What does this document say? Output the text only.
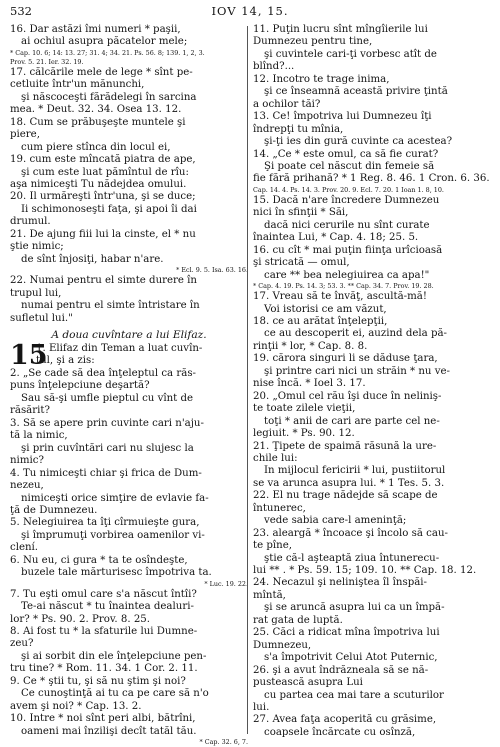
532	IOV 14, 15.
16. Dar astăzi îmi numeri * paşii,
ai ochiul asupra păcatelor mele;
* Cap. 10. 6; 14: 13. 27; 31. 4; 34. 21. Ps. 56. 8; 139. 1, 2, 3.
Prov. 5. 21. Ier. 32. 19.
17. călcările mele de lege * sînt pe-
cetluite într'un mănunchi,
şi născoceşti fărădelegi în sarcina
mea. * Deut. 32. 34. Osea 13. 12.
18. Cum se prăbuşeşte muntele şi
piere,
cum piere stînca din locul ei,
19. cum este mîncată piatra de ape,
şi cum este luat pămîntul de rîu:
aşa nimiceşti Tu nădejdea omului.
20. Il urmăreşti într'una, şi se duce;
Ii schimonoseşti faţa, şi apoi îi dai
drumul.
21. De ajung fiii lui la cinste, el * nu
ştie nimic;
de sînt înjosiţi, habar n'are.
* Ecl. 9. 5. Isa. 63. 16.
22. Numai pentru el simte durere în
trupul lui,
numai pentru el simte întristare în
sufletul lui."
A doua cuvîntare a lui Elifaz.
15
1. Elifaz din Teman a luat cuvîn-
tul, şi a zis:
2. „Se cade să dea înţeleptul ca răs-
puns înţelepciune deşartă?
Sau să-şi umfle pieptul cu vînt de
răsărit?
3. Să se apere prin cuvinte cari n'aju-
tă la nimic,
şi prin cuvîntări cari nu slujesc la
nimic?
4. Tu nimiceşti chiar şi frica de Dum-
nezeu,
nimiceşti orice simţire de evlavie fa-
ţă de Dumnezeu.
5. Nelegiuirea ta îţi cîrmuieşte gura,
şi împrumuţi vorbirea oamenilor vi-
clení.
6. Nu eu, ci gura * ta te osîndeşte,
buzele tale mărturisesc împotriva ta.
* Luc. 19. 22.
7. Tu eşti omul care s'a născut întîi?
Te-ai născut * tu înaintea dealuri-
lor? * Ps. 90. 2. Prov. 8. 25.
8. Ai fost tu * la sfaturile lui Dumne-
zeu?
şi ai sorbit din ele înţelepciune pen-
tru tine? * Rom. 11. 34. 1 Cor. 2. 11.
9. Ce * ştii tu, şi să nu ştim şi noi?
Ce cunoştinţă ai tu ca pe care să n'o
avem şi noi? * Cap. 13. 2.
10. Intre * noi sînt peri albi, bătrîni,
oameni mai înzilişi decît tatăl tău.
* Cap. 32. 6, 7.
11. Puţin lucru sînt mîngîierile lui
Dumnezeu pentru tine,
şi cuvintele cari-ţi vorbesc atît de
blînd?...
12. Incotro te trage inima,
şi ce înseamnă această privire ţintă
a ochilor tăi?
13. Ce! împotriva lui Dumnezeu îţi
îndrepţi tu mînia,
şi-ţi ies din gură cuvinte ca acestea?
14. „Ce * este omul, ca să fie curat?
Şi poate cel născut din femeie să
fie fără prihană? * 1 Reg. 8. 46. 1 Cron. 6. 36.
Cap. 14. 4. Ps. 14. 3. Prov. 20. 9. Ecl. 7. 20. 1 Ioan 1. 8, 10.
15. Dacă n'are încredere Dumnezeu
nici în sfinţii * Săi,
dacă nici cerurile nu sînt curate
înaintea Lui, * Cap. 4. 18; 25. 5.
16. cu cît * mai puţin fiinţa urîcioasă
şi stricată — omul,
care ** bea nelegiuirea ca apa!"
* Cap. 4. 19. Ps. 14. 3; 53. 3. ** Cap. 34. 7. Prov. 19. 28.
17. Vreau să te învăţ, ascultă-mă!
Voi istorisi ce am văzut,
18. ce au arătat înţelepţii,
ce au descoperit ei, auzind dela pă-
rinţii * lor, * Cap. 8. 8.
19. cărora singuri li se dăduse ţara,
şi printre cari nici un străin * nu ve-
nise încă. * Ioel 3. 17.
20. „Omul cel rău îşi duce în neliniş-
te toate zilele vieţii,
toţi * anii de cari are parte cel ne-
legiuit. * Ps. 90. 12.
21. Ţipete de spaimă răsună la ure-
chile lui:
In mijlocul fericirii * lui, pustiitorul
se va arunca asupra lui. * 1 Tes. 5. 3.
22. El nu trage nădejde să scape de
întunerec,
vede sabia care-l ameninţă;
23. aleargă * încoace şi încolo să cau-
te pîne,
ştie că-l aşteaptă ziua întunerecu-
lui ** . * Ps. 59. 15; 109. 10. ** Cap. 18. 12.
24. Necazul şi neliniştea îl înspăi-
mîntă,
şi se aruncă asupra lui ca un împă-
rat gata de luptă.
25. Căci a ridicat mîna împotriva lui
Dumnezeu,
s'a împotrivit Celui Atot Puternic,
26. şi a avut îndrăzneala să se nă-
pustească asupra Lui
cu partea cea mai tare a scuturilor
lui.
27. Avea faţa acoperită cu grăsime,
coapsele încărcate cu osînză,
